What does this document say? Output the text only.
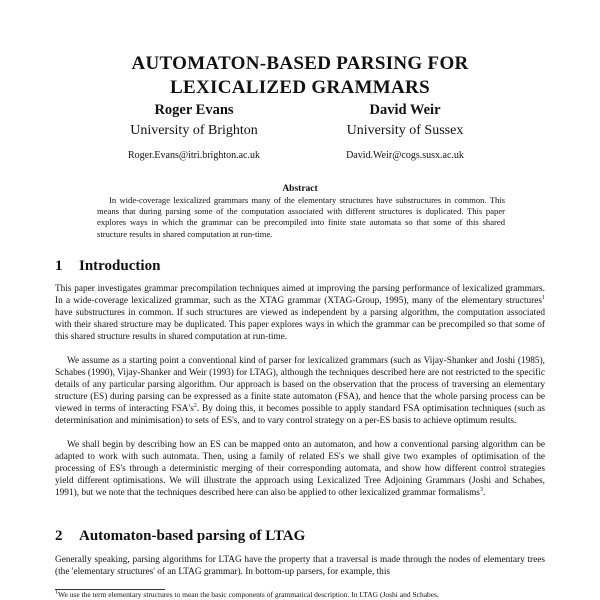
AUTOMATON-BASED PARSING FOR
LEXICALIZED GRAMMARS
Roger Evans
University of Brighton
Roger.Evans@itri.brighton.ac.uk
David Weir
University of Sussex
David.Weir@cogs.susx.ac.uk
Abstract
In wide-coverage lexicalized grammars many of the elementary structures have substructures in common. This means that during parsing some of the computation associated with different structures is duplicated. This paper explores ways in which the grammar can be precompiled into finite state automata so that some of this shared structure results in shared computation at run-time.
1 Introduction
This paper investigates grammar precompilation techniques aimed at improving the parsing performance of lexicalized grammars. In a wide-coverage lexicalized grammar, such as the XTAG grammar (XTAG-Group, 1995), many of the elementary structures$^1$ have substructures in common. If such structures are viewed as independent by a parsing algorithm, the computation associated with their shared structure may be duplicated. This paper explores ways in which the grammar can be precompiled so that some of this shared structure results in shared computation at run-time.
We assume as a starting point a conventional kind of parser for lexicalized grammars (such as Vijay-Shanker and Joshi (1985), Schabes (1990), Vijay-Shanker and Weir (1993) for LTAG), although the techniques described here are not restricted to the specific details of any particular parsing algorithm. Our approach is based on the observation that the process of traversing an elementary structure (ES) during parsing can be expressed as a finite state automaton (FSA), and hence that the whole parsing process can be viewed in terms of interacting $FSA's^2$. By doing this, it becomes possible to apply standard FSA optimisation techniques (such as determinisation and minimisation) to sets of ES's, and to vary control strategy on a per-ES basis to achieve optimum results.
We shall begin by describing how an ES can be mapped onto an automaton, and how a conventional parsing algorithm can be adapted to work with such automata. Then, using a family of related ES's we shall give two examples of optimisation of the processing of ES's through a deterministic merging of their corresponding automata, and show how different control strategies yield different optimisations. We will illustrate the approach using Lexicalized Tree Adjoining Grammars (Joshi and Schabes, 1991), but we note that the techniques described here can also be applied to other lexicalized grammar formalisms$^3$.
2 Automaton-based parsing of LTAG
Generally speaking, parsing algorithms for LTAG have the property that a traversal is made through the nodes of elementary trees (the 'elementary structures' of an LTAG grammar). In bottom-up parsers, for example, this
$^1$We use the term elementary structures to mean the basic components of grammatical description. In LTAG (Joshi and Schabes,
